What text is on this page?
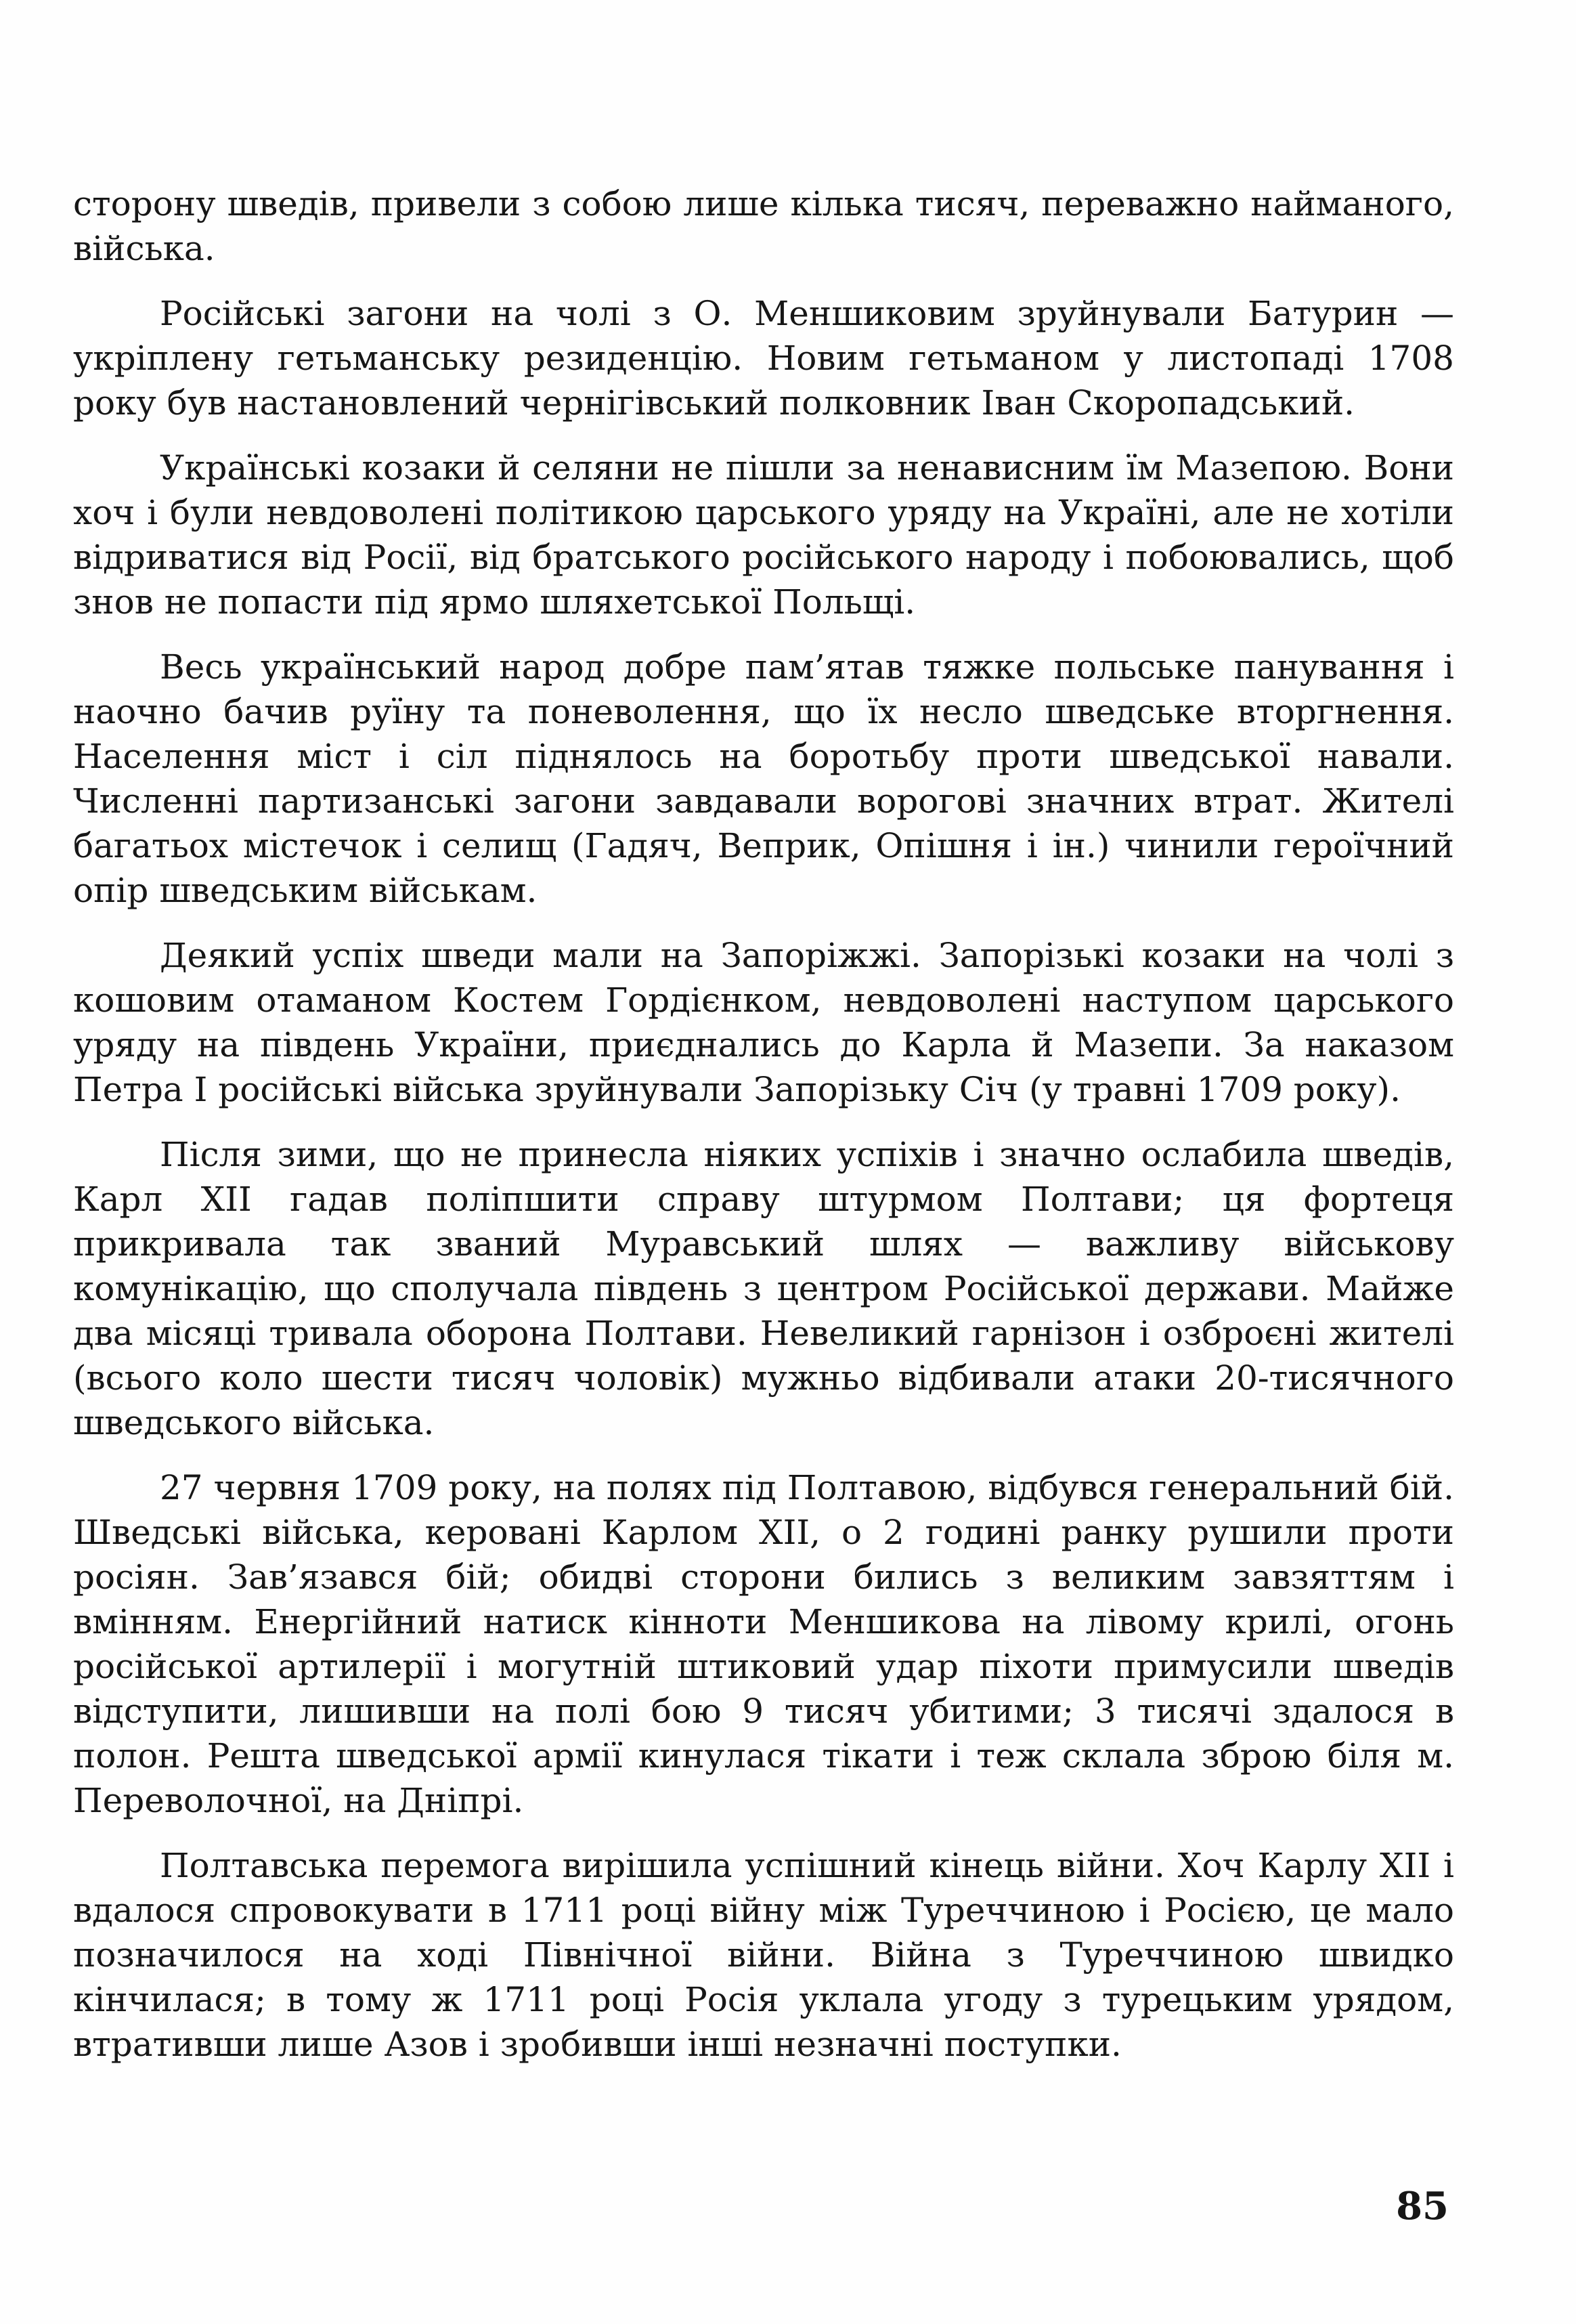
сторону шведів, привели з собою лише кілька тисяч, переважно найманого, війська.

Російські загони на чолі з О. Меншиковим зруйнували Батурин — укріплену гетьманську резиденцію. Новим гетьманом у листопаді 1708 року був настановлений чернігівський полковник Іван Скоропадський.

Українські козаки й селяни не пішли за ненависним їм Мазепою. Вони хоч і були невдоволені політикою царського уряду на Україні, але не хотіли відриватися від Росії, від братського російського народу і побоювались, щоб знов не попасти під ярмо шляхетської Польщі.

Весь український народ добре пам’ятав тяжке польське панування і наочно бачив руїну та поневолення, що їх несло шведське вторгнення. Населення міст і сіл піднялось на боротьбу проти шведської навали. Численні партизанські загони завдавали ворогові значних втрат. Жителі багатьох містечок і селищ (Гадяч, Веприк, Опішня і ін.) чинили героїчний опір шведським військам.

Деякий успіх шведи мали на Запоріжжі. Запорізькі козаки на чолі з кошовим отаманом Костем Гордієнком, невдоволені наступом царського уряду на південь України, приєднались до Карла й Мазепи. За наказом Петра І російські війська зруйнували Запорізьку Січ (у травні 1709 року).

Після зими, що не принесла ніяких успіхів і значно ослабила шведів, Карл XII гадав поліпшити справу штурмом Полтави; ця фортеця прикривала так званий Муравський шлях — важливу військову комунікацію, що сполучала південь з центром Російської держави. Майже два місяці тривала оборона Полтави. Невеликий гарнізон і озброєні жителі (всього коло шести тисяч чоловік) мужньо відбивали атаки 20-тисячного шведського війська.

27 червня 1709 року, на полях під Полтавою, відбувся генеральний бій. Шведські війська, керовані Карлом XII, о 2 годині ранку рушили проти росіян. Зав’язався бій; обидві сторони бились з великим завзяттям і вмінням. Енергійний натиск кінноти Меншикова на лівому крилі, огонь російської артилерії і могутній штиковий удар піхоти примусили шведів відступити, лишивши на полі бою 9 тисяч убитими; 3 тисячі здалося в полон. Решта шведської армії кинулася тікати і теж склала зброю біля м. Переволочної, на Дніпрі.

Полтавська перемога вирішила успішний кінець війни. Хоч Карлу XII і вдалося спровокувати в 1711 році війну між Туреччиною і Росією, це мало позначилося на ході Північної війни. Війна з Туреччиною швидко кінчилася; в тому ж 1711 році Росія уклала угоду з турецьким урядом, втративши лише Азов і зробивши інші незначні поступки.

85
